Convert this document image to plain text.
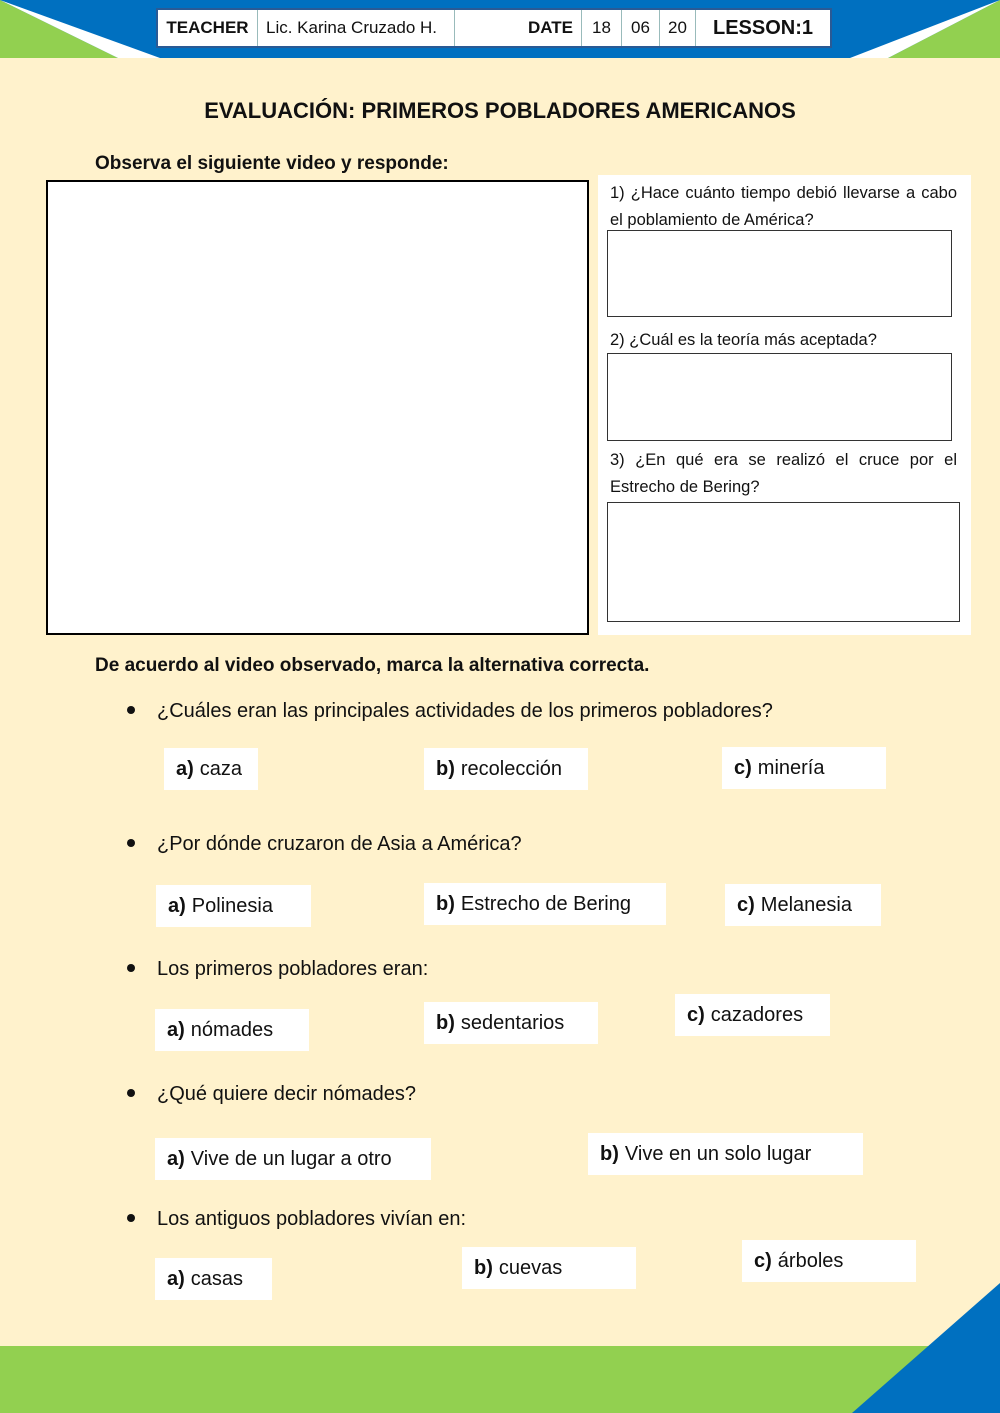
TEACHER	Lic. Karina Cruzado H.	DATE	18	06	20	LESSON:1
EVALUACIÓN: PRIMEROS POBLADORES AMERICANOS
Observa el siguiente video y responde:
1) ¿Hace cuánto tiempo debió llevarse a cabo el poblamiento de América?
2) ¿Cuál es la teoría más aceptada?
3) ¿En qué era se realizó el cruce por el Estrecho de Bering?
De acuerdo al video observado, marca la alternativa correcta.
¿Cuáles eran las principales actividades de los primeros pobladores?
a) caza	b) recolección	c) minería
¿Por dónde cruzaron de Asia a América?
a) Polinesia	b) Estrecho de Bering	c) Melanesia
Los primeros pobladores eran:
a) nómades	b) sedentarios	c) cazadores
¿Qué quiere decir nómades?
a) Vive de un lugar a otro	b) Vive en un solo lugar
Los antiguos pobladores vivían en:
a) casas	b) cuevas	c) árboles
